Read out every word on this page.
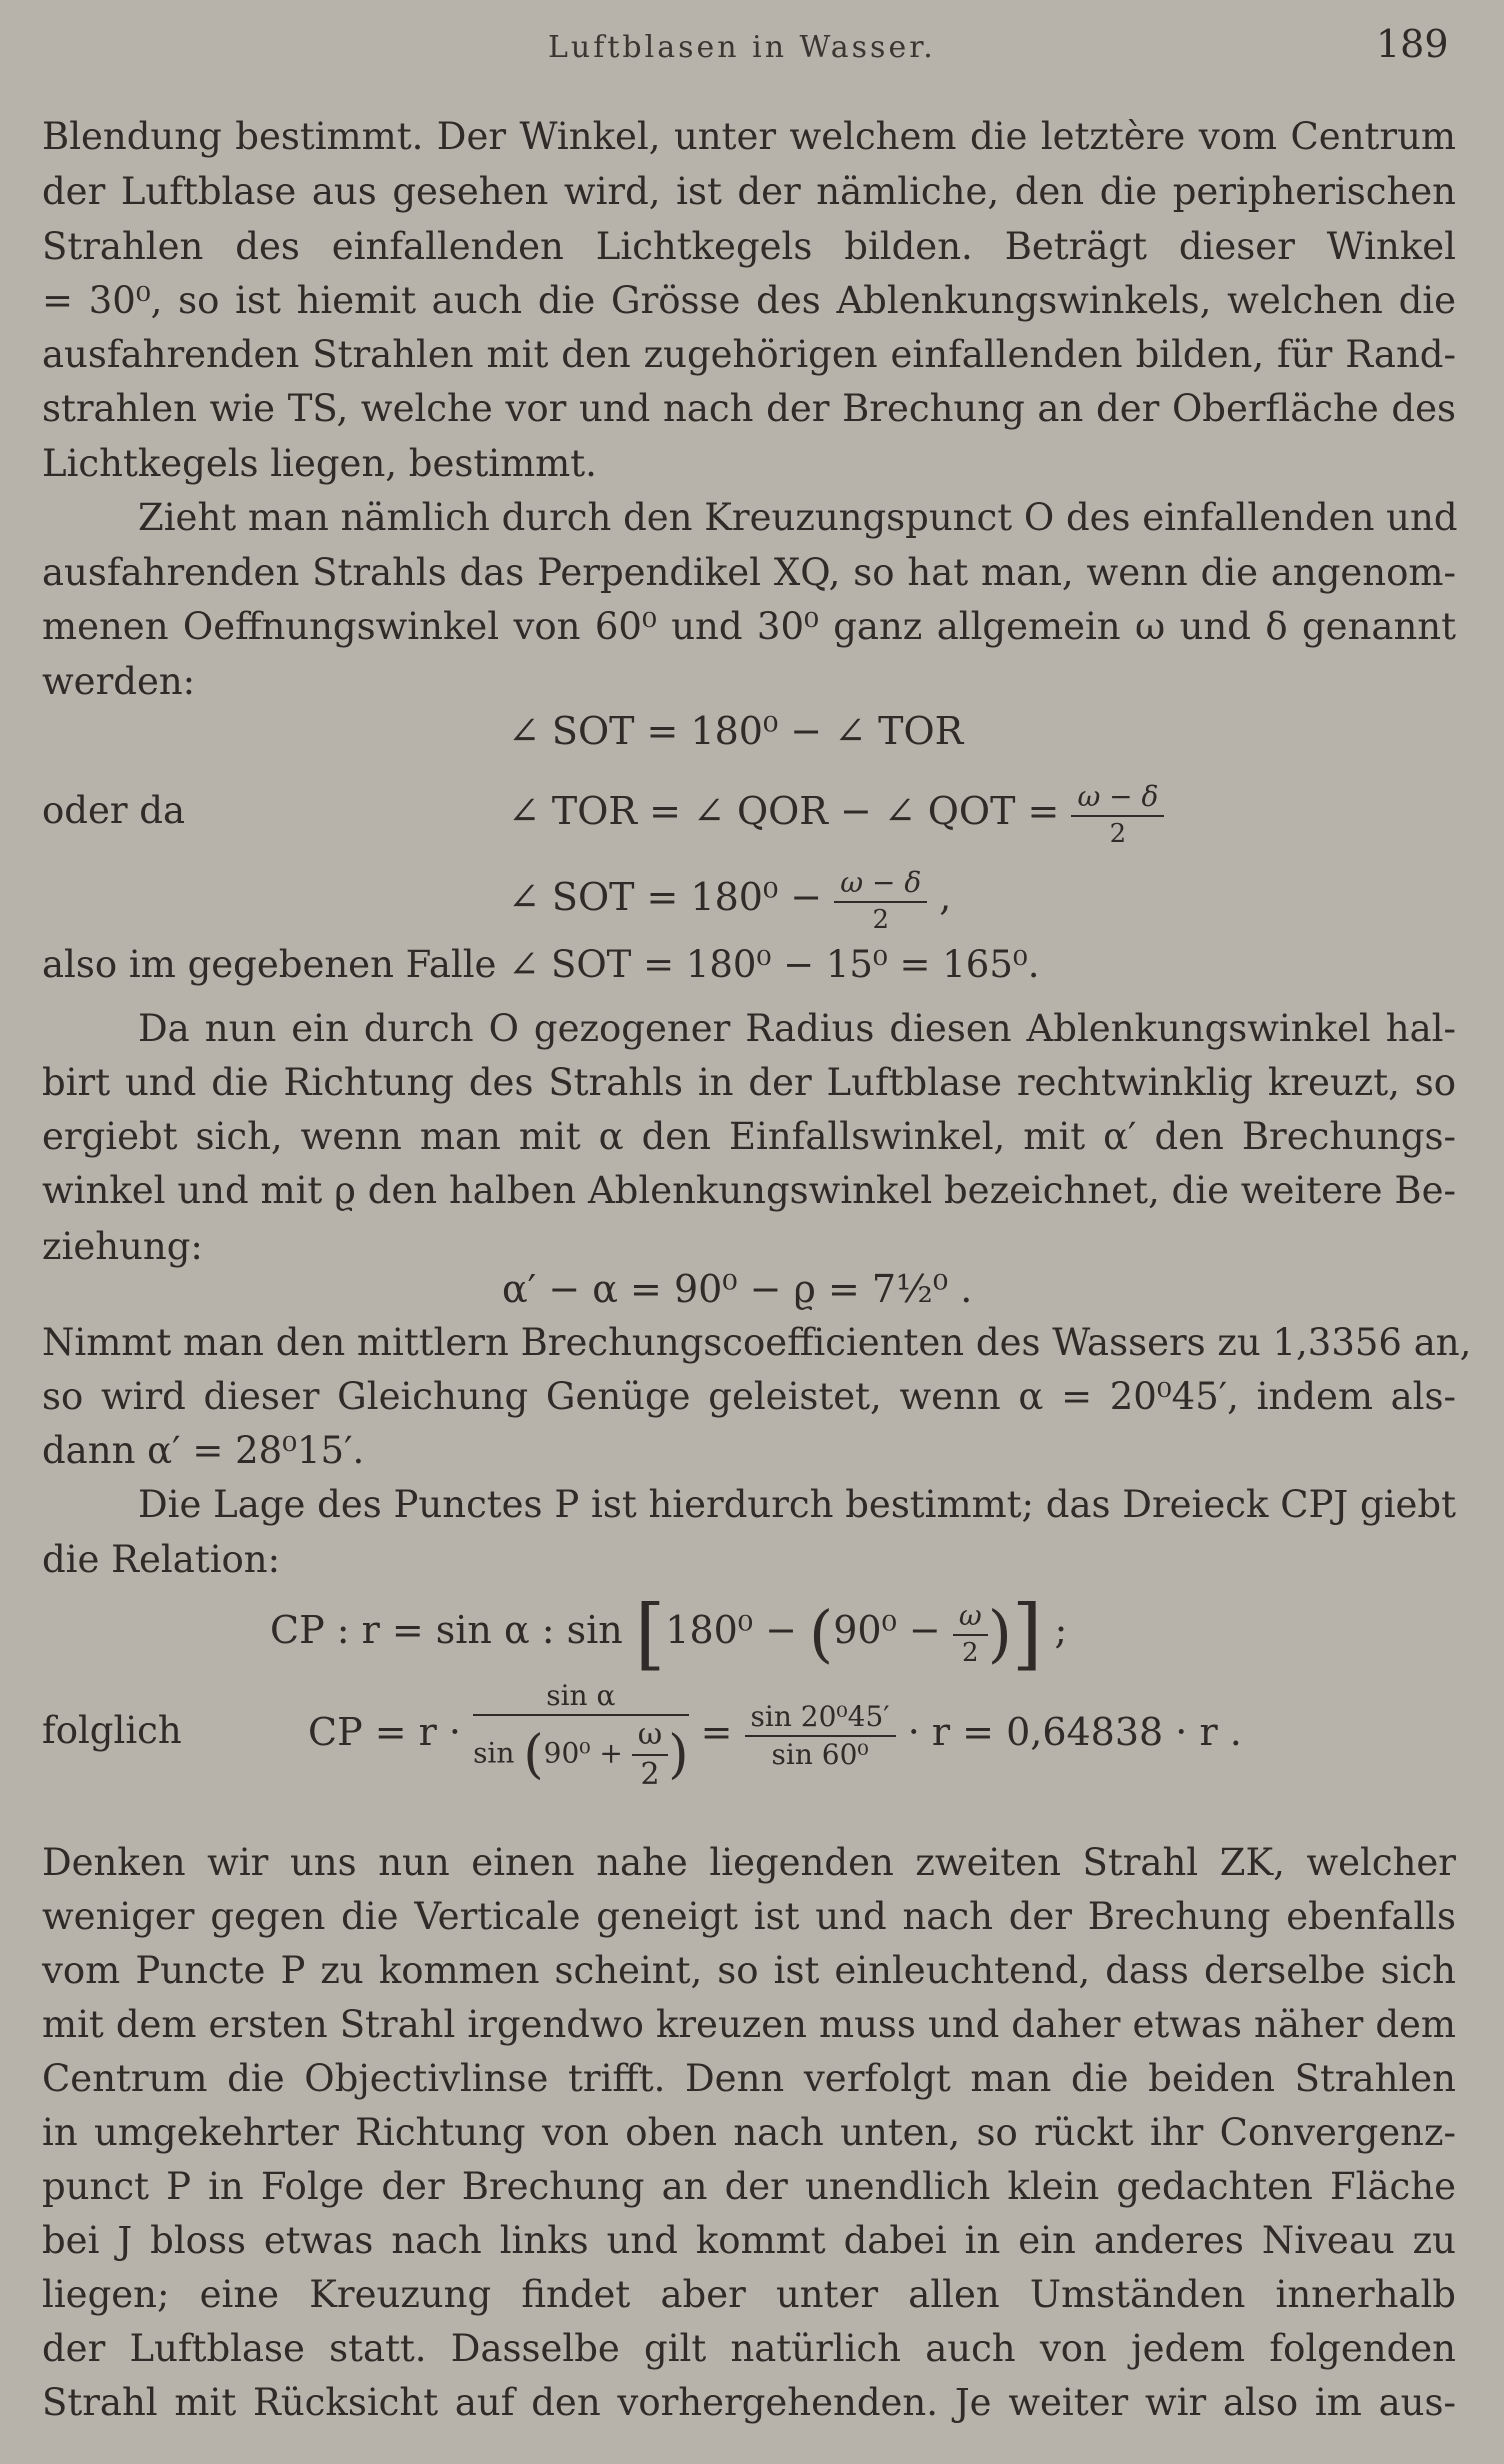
Luftblasen in Wasser.	189
Blendung bestimmt. Der Winkel, unter welchem die letztère vom Centrum
der Luftblase aus gesehen wird, ist der nämliche, den die peripherischen
Strahlen des einfallenden Lichtkegels bilden. Beträgt dieser Winkel
= 30⁰, so ist hiemit auch die Grösse des Ablenkungswinkels, welchen die
ausfahrenden Strahlen mit den zugehörigen einfallenden bilden, für Rand-
strahlen wie TS, welche vor und nach der Brechung an der Oberfläche des
Lichtkegels liegen, bestimmt.
Zieht man nämlich durch den Kreuzungspunct O des einfallenden und
ausfahrenden Strahls das Perpendikel XQ, so hat man, wenn die angenom-
menen Oeffnungswinkel von 60⁰ und 30⁰ ganz allgemein ω und δ genannt
werden:
∠ SOT = 180⁰ − ∠ TOR
oder da	∠ TOR = ∠ QOR − ∠ QOT = $\frac{\omega - \delta}{2}$
∠ SOT = $180^0 - \frac{\omega - \delta}{2}$ ,
also im gegebenen Falle ∠ SOT = 180⁰ − 15⁰ = 165⁰.
Da nun ein durch O gezogener Radius diesen Ablenkungswinkel hal-
birt und die Richtung des Strahls in der Luftblase rechtwinklig kreuzt, so
ergiebt sich, wenn man mit α den Einfallswinkel, mit α′ den Brechungs-
winkel und mit ϱ den halben Ablenkungswinkel bezeichnet, die weitere Be-
ziehung:
α′ − α = 90⁰ − ϱ = 7½⁰ .
Nimmt man den mittlern Brechungscoefficienten des Wassers zu 1,3356 an,
so wird dieser Gleichung Genüge geleistet, wenn α = 20⁰45′, indem als-
dann α′ = 28⁰15′.
Die Lage des Punctes P ist hierdurch bestimmt; das Dreieck CPJ giebt
die Relation:
CP : r = sin α : $\sin [180^0 - (90^0 - \frac{\omega}{2}$ )] ;
folglich	CP = r ·
sin α
$\sin (90^0 + \frac{\omega}{2}$ ) = $\frac{\text{sin 20⁰45′}}{\text{sin 60⁰}} \cdot r = 0,64838 \cdot r$ .
Denken wir uns nun einen nahe liegenden zweiten Strahl ZK, welcher
weniger gegen die Verticale geneigt ist und nach der Brechung ebenfalls
vom Puncte P zu kommen scheint, so ist einleuchtend, dass derselbe sich
mit dem ersten Strahl irgendwo kreuzen muss und daher etwas näher dem
Centrum die Objectivlinse trifft. Denn verfolgt man die beiden Strahlen
in umgekehrter Richtung von oben nach unten, so rückt ihr Convergenz-
punct P in Folge der Brechung an der unendlich klein gedachten Fläche
bei J bloss etwas nach links und kommt dabei in ein anderes Niveau zu
liegen; eine Kreuzung findet aber unter allen Umständen innerhalb
der Luftblase statt. Dasselbe gilt natürlich auch von jedem folgenden
Strahl mit Rücksicht auf den vorhergehenden. Je weiter wir also im aus-
